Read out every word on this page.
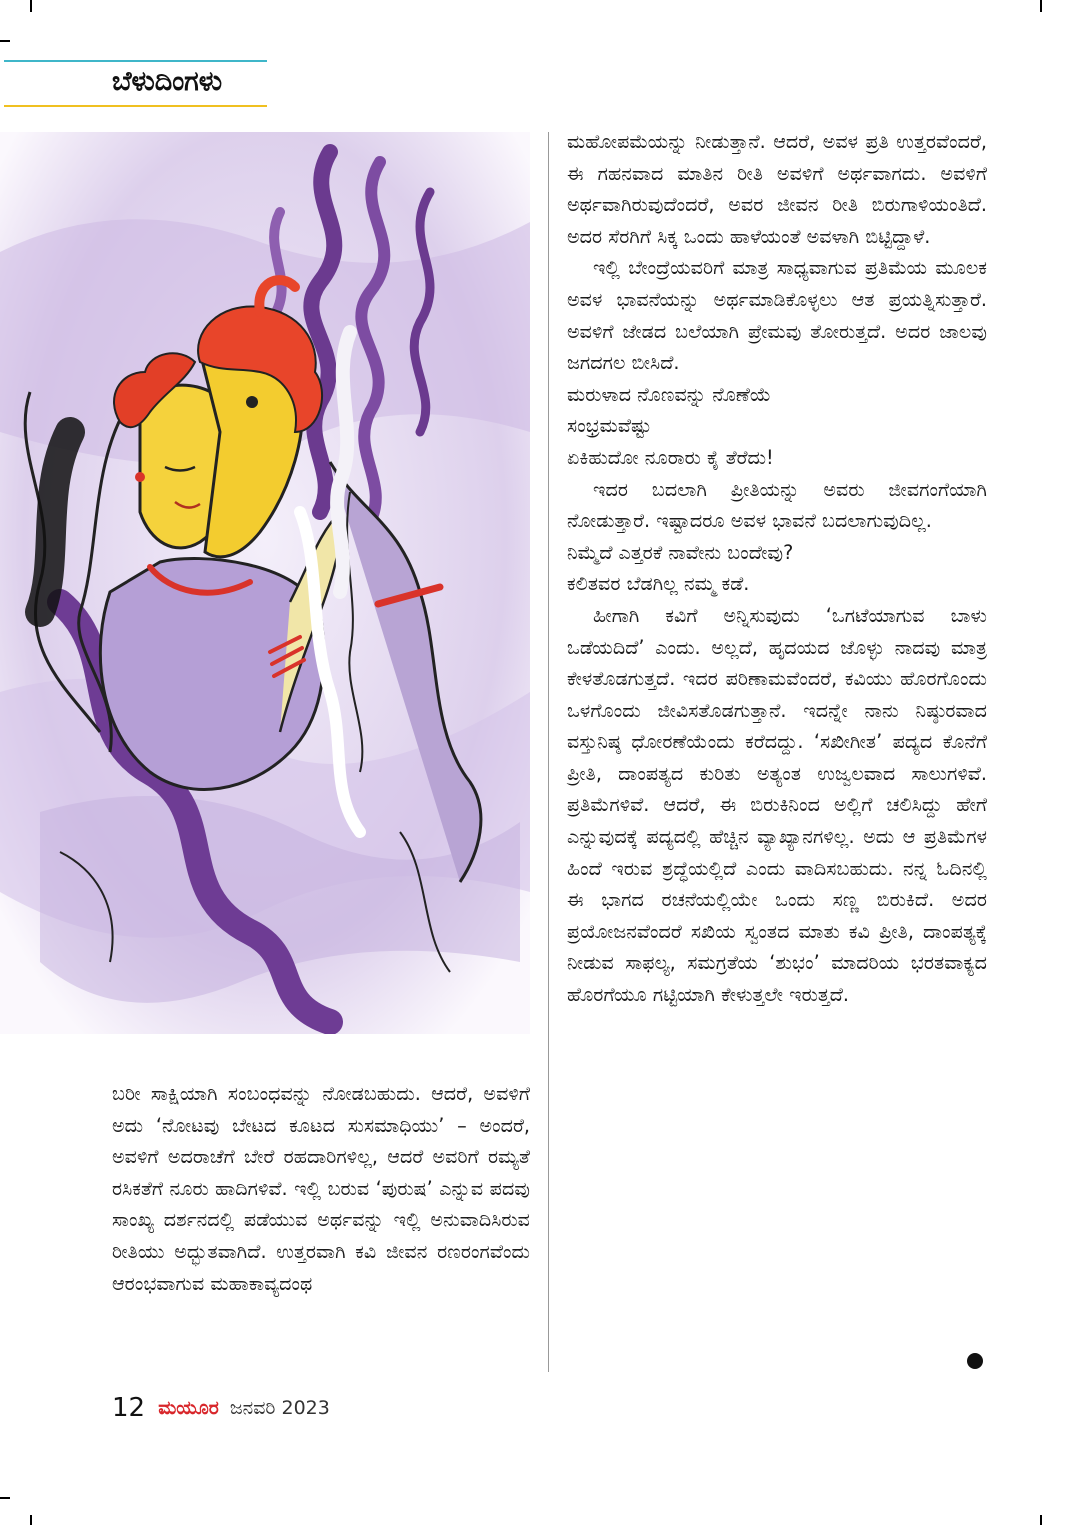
ಬೆಳುದಿಂಗಳು

ಮಹೋಪಮೆಯನ್ನು ನೀಡುತ್ತಾನೆ. ಆದರೆ, ಅವಳ ಪ್ರತಿ ಉತ್ತರವೆಂದರೆ, ಈ ಗಹನವಾದ ಮಾತಿನ ರೀತಿ ಅವಳಿಗೆ ಅರ್ಥವಾಗದು. ಅವಳಿಗೆ ಅರ್ಥವಾಗಿರುವುದೆಂದರೆ, ಅವರ ಜೀವನ ರೀತಿ ಬಿರುಗಾಳಿಯಂತಿದೆ. ಅದರ ಸೆರಗಿಗೆ ಸಿಕ್ಕ ಒಂದು ಹಾಳೆಯಂತೆ ಅವಳಾಗಿ ಬಿಟ್ಟಿದ್ದಾಳೆ.

ಇಲ್ಲಿ ಬೇಂದ್ರೆಯವರಿಗೆ ಮಾತ್ರ ಸಾಧ್ಯವಾಗುವ ಪ್ರತಿಮೆಯ ಮೂಲಕ ಅವಳ ಭಾವನೆಯನ್ನು ಅರ್ಥಮಾಡಿಕೊಳ್ಳಲು ಆತ ಪ್ರಯತ್ನಿಸುತ್ತಾರೆ. ಅವಳಿಗೆ ಜೇಡದ ಬಲೆಯಾಗಿ ಪ್ರೇಮವು ತೋರುತ್ತದೆ. ಅದರ ಜಾಲವು ಜಗದಗಲ ಬೀಸಿದೆ.

ಮರುಳಾದ ನೊಣವನ್ನು ನೊಣೆಯೆ

ಸಂಭ್ರಮವೆಷ್ಟು

ಏಕಿಹುದೋ ನೂರಾರು ಕೈ ತೆರೆದು!

ಇದರ ಬದಲಾಗಿ ಪ್ರೀತಿಯನ್ನು ಅವರು ಜೀವಗಂಗೆಯಾಗಿ ನೋಡುತ್ತಾರೆ. ಇಷ್ಟಾದರೂ ಅವಳ ಭಾವನೆ ಬದಲಾಗುವುದಿಲ್ಲ.

ನಿಮ್ಮೆದೆ ಎತ್ತರಕೆ ನಾವೇನು ಬಂದೇವು?

ಕಲಿತವರ ಬೆಡಗಿಲ್ಲ ನಮ್ಮ ಕಡೆ.

ಹೀಗಾಗಿ ಕವಿಗೆ ಅನ್ನಿಸುವುದು ‘ಒಗಟೆಯಾಗುವ ಬಾಳು ಒಡೆಯದಿದೆ’ ಎಂದು. ಅಲ್ಲದೆ, ಹೃದಯದ ಜೊಳ್ಳು ನಾದವು ಮಾತ್ರ ಕೇಳತೊಡಗುತ್ತದೆ. ಇದರ ಪರಿಣಾಮವೆಂದರೆ, ಕವಿಯು ಹೊರಗೊಂದು ಒಳಗೊಂದು ಜೀವಿಸತೊಡಗುತ್ತಾನೆ. ಇದನ್ನೇ ನಾನು ನಿಷ್ಠುರವಾದ ವಸ್ತುನಿಷ್ಠ ಧೋರಣೆಯೆಂದು ಕರೆದದ್ದು. ‘ಸಖೀಗೀತ’ ಪದ್ಯದ ಕೊನೆಗೆ ಪ್ರೀತಿ, ದಾಂಪತ್ಯದ ಕುರಿತು ಅತ್ಯಂತ ಉಜ್ವಲವಾದ ಸಾಲುಗಳಿವೆ. ಪ್ರತಿಮೆಗಳಿವೆ. ಆದರೆ, ಈ ಬಿರುಕಿನಿಂದ ಅಲ್ಲಿಗೆ ಚಲಿಸಿದ್ದು ಹೇಗೆ ಎನ್ನುವುದಕ್ಕೆ ಪದ್ಯದಲ್ಲಿ ಹೆಚ್ಚಿನ ವ್ಯಾಖ್ಯಾನಗಳಿಲ್ಲ. ಅದು ಆ ಪ್ರತಿಮೆಗಳ ಹಿಂದೆ ಇರುವ ಶ್ರದ್ಧೆಯಲ್ಲಿದೆ ಎಂದು ವಾದಿಸಬಹುದು. ನನ್ನ ಓದಿನಲ್ಲಿ ಈ ಭಾಗದ ರಚನೆಯಲ್ಲಿಯೇ ಒಂದು ಸಣ್ಣ ಬಿರುಕಿದೆ. ಅದರ ಪ್ರಯೋಜನವೆಂದರೆ ಸಖಿಯ ಸ್ವಂತದ ಮಾತು ಕವಿ ಪ್ರೀತಿ, ದಾಂಪತ್ಯಕ್ಕೆ ನೀಡುವ ಸಾಫಲ್ಯ, ಸಮಗ್ರತೆಯ ‘ಶುಭಂ’ ಮಾದರಿಯ ಭರತವಾಕ್ಯದ ಹೊರಗೆಯೂ ಗಟ್ಟಿಯಾಗಿ ಕೇಳುತ್ತಲೇ ಇರುತ್ತದೆ.

ಬರೀ ಸಾಕ್ಷಿಯಾಗಿ ಸಂಬಂಧವನ್ನು ನೋಡಬಹುದು. ಆದರೆ, ಅವಳಿಗೆ ಅದು ‘ನೋಟವು ಬೇಟದ ಕೂಟದ ಸುಸಮಾಧಿಯು’ – ಅಂದರೆ, ಅವಳಿಗೆ ಅದರಾಚೆಗೆ ಬೇರೆ ರಹದಾರಿಗಳಿಲ್ಲ, ಆದರೆ ಅವರಿಗೆ ರಮ್ಯತೆ ರಸಿಕತೆಗೆ ನೂರು ಹಾದಿಗಳಿವೆ. ಇಲ್ಲಿ ಬರುವ ‘ಪುರುಷ’ ಎನ್ನುವ ಪದವು ಸಾಂಖ್ಯ ದರ್ಶನದಲ್ಲಿ ಪಡೆಯುವ ಅರ್ಥವನ್ನು ಇಲ್ಲಿ ಅನುವಾದಿಸಿರುವ ರೀತಿಯು ಅದ್ಭುತವಾಗಿದೆ. ಉತ್ತರವಾಗಿ ಕವಿ ಜೀವನ ರಣರಂಗವೆಂದು ಆರಂಭವಾಗುವ ಮಹಾಕಾವ್ಯದಂಥ

12 ಮಯೂರ ಜನವರಿ 2023
